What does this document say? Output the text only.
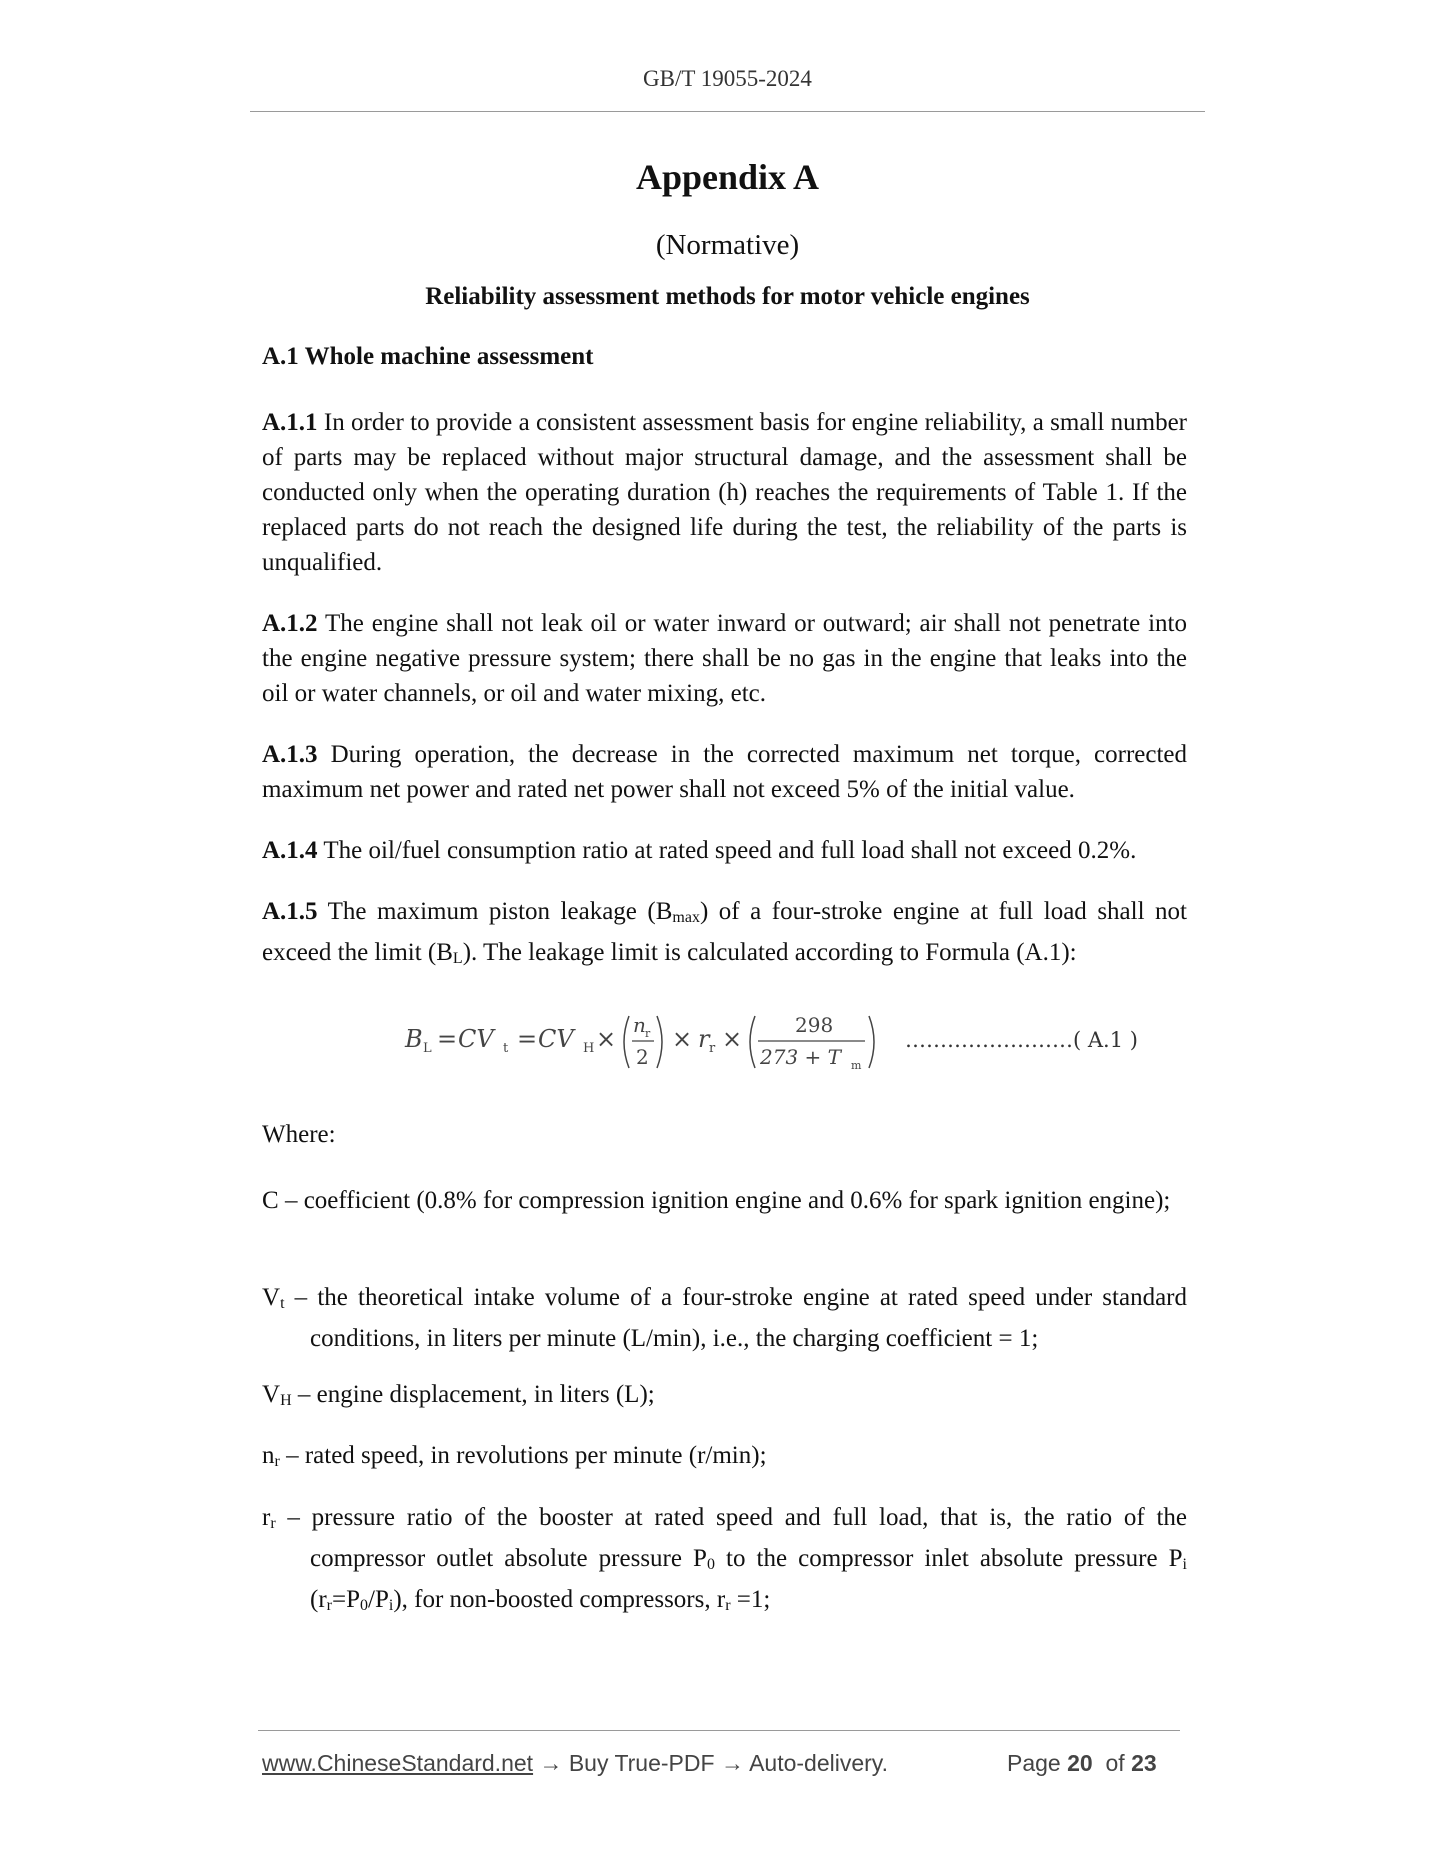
GB/T 19055-2024
Appendix A
(Normative)
Reliability assessment methods for motor vehicle engines
A.1 Whole machine assessment
A.1.1 In order to provide a consistent assessment basis for engine reliability, a small number of parts may be replaced without major structural damage, and the assessment shall be conducted only when the operating duration (h) reaches the requirements of Table 1. If the replaced parts do not reach the designed life during the test, the reliability of the parts is unqualified.
A.1.2 The engine shall not leak oil or water inward or outward; air shall not penetrate into the engine negative pressure system; there shall be no gas in the engine that leaks into the oil or water channels, or oil and water mixing, etc.
A.1.3 During operation, the decrease in the corrected maximum net torque, corrected maximum net power and rated net power shall not exceed 5% of the initial value.
A.1.4 The oil/fuel consumption ratio at rated speed and full load shall not exceed 0.2%.
A.1.5 The maximum piston leakage (Bmax) of a four-stroke engine at full load shall not exceed the limit (BL). The leakage limit is calculated according to Formula (A.1):
B L = CV t = CV H × n r
2
× r r ×	298
273 + T m
……………………( A.1 )
Where:
C – coefficient (0.8% for compression ignition engine and 0.6% for spark ignition engine);
Vt – the theoretical intake volume of a four-stroke engine at rated speed under standard conditions, in liters per minute (L/min), i.e., the charging coefficient = 1;
VH – engine displacement, in liters (L);
nr – rated speed, in revolutions per minute (r/min);
rr – pressure ratio of the booster at rated speed and full load, that is, the ratio of the compressor outlet absolute pressure P0 to the compressor inlet absolute pressure Pi (rr=P0/Pi), for non-boosted compressors, rr =1;
www.ChineseStandard.net → Buy True-PDF → Auto-delivery.	Page 20 of 23
